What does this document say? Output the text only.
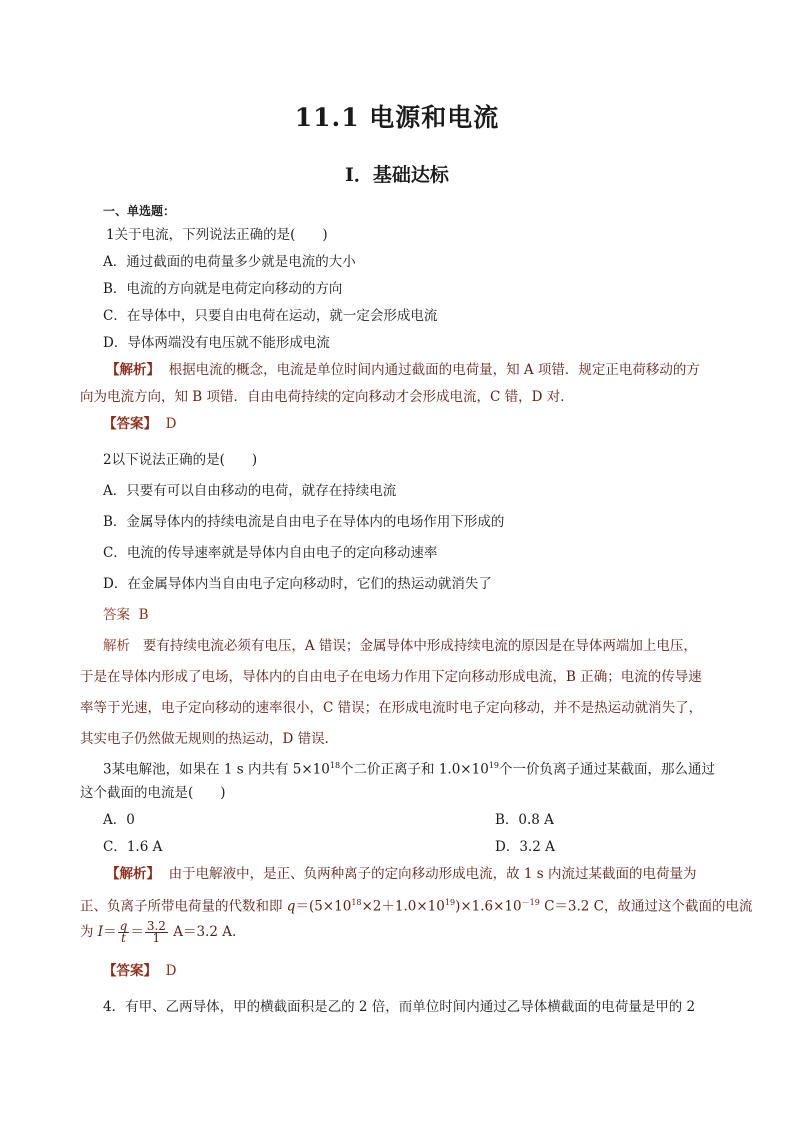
11.1 电源和电流
Ⅰ．基础达标
一、单选题：
1关于电流，下列说法正确的是(　　)
A．通过截面的电荷量多少就是电流的大小
B．电流的方向就是电荷定向移动的方向
C．在导体中，只要自由电荷在运动，就一定会形成电流
D．导体两端没有电压就不能形成电流
【解析】 根据电流的概念，电流是单位时间内通过截面的电荷量，知 A 项错．规定正电荷移动的方
向为电流方向，知 B 项错．自由电荷持续的定向移动才会形成电流，C 错，D 对．
【答案】 D
2以下说法正确的是(　　)
A．只要有可以自由移动的电荷，就存在持续电流
B．金属导体内的持续电流是自由电子在导体内的电场作用下形成的
C．电流的传导速率就是导体内自由电子的定向移动速率
D．在金属导体内当自由电子定向移动时，它们的热运动就消失了
答案 B
解析 要有持续电流必须有电压，A 错误；金属导体中形成持续电流的原因是在导体两端加上电压，
于是在导体内形成了电场，导体内的自由电子在电场力作用下定向移动形成电流，B 正确；电流的传导速
率等于光速，电子定向移动的速率很小，C 错误；在形成电流时电子定向移动，并不是热运动就消失了，
其实电子仍然做无规则的热运动，D 错误．
3某电解池，如果在 1 s 内共有 $5\times 10^{18}$个二价正离子和 $1.0\times 10^{19}$个一价负离子通过某截面，那么通过
这个截面的电流是(　　)
A．0	B．0.8 A
C．1.6 A	D．3.2 A
【解析】 由于电解液中，是正、负两种离子的定向移动形成电流，故 1 s 内流过某截面的电荷量为
正、负离子所带电荷量的代数和即 $q=(5\times 10^{18}\times 2+1.0\times 10^{19})\times 1.6\times 10^{-19}$ C＝3.2 C，故通过这个截面的电流
为 $I= \frac{q}{t} = \frac{3.2}{1} A=3.2$ A.
【答案】 D
4．有甲、乙两导体，甲的横截面积是乙的 2 倍，而单位时间内通过乙导体横截面的电荷量是甲的 2
